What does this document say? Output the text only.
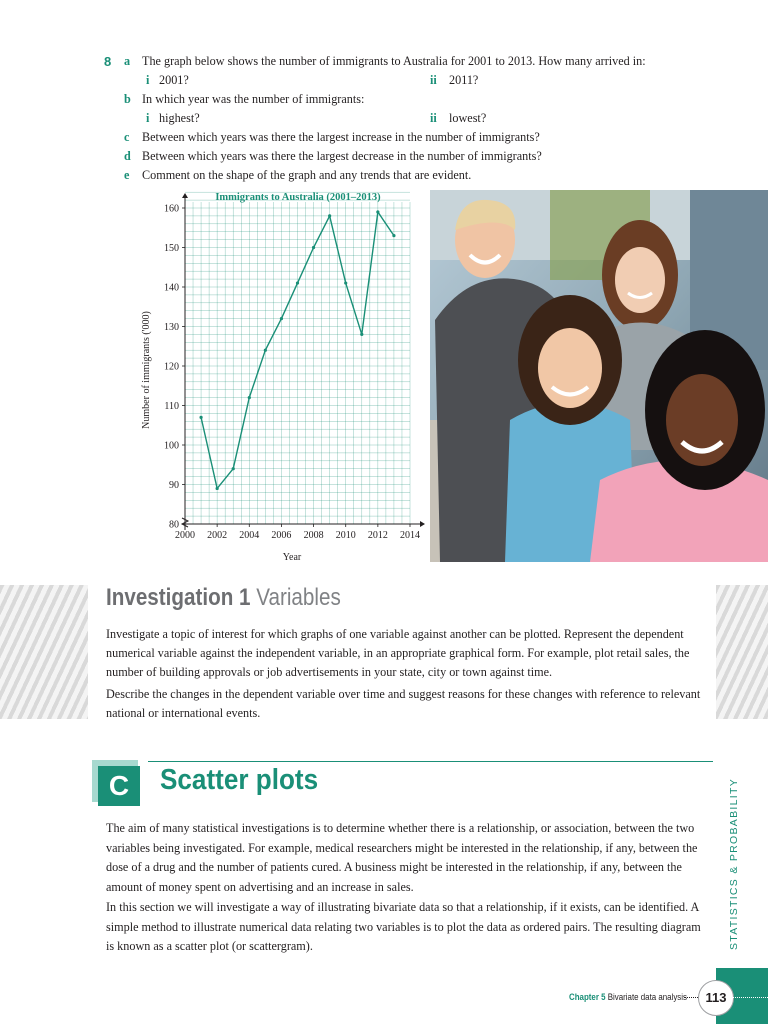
8 a The graph below shows the number of immigrants to Australia for 2001 to 2013. How many arrived in:
i 2001?	ii 2011?
b In which year was the number of immigrants:
i highest?	ii lowest?
c Between which years was there the largest increase in the number of immigrants?
d Between which years was there the largest decrease in the number of immigrants?
e Comment on the shape of the graph and any trends that are evident.
Immigrants to Australia (2001–2013)
2000 2002 2004 2006 2008 2010 2012 2014
80
90
100
110
120
130
140
150
160
Year
Number of immigrants ('000)
Investigation 1 Variables

Investigate a topic of interest for which graphs of one variable against another can be plotted. Represent the dependent numerical variable against the independent variable, in an appropriate graphical form. For example, plot retail sales, the number of building approvals or job advertisements in your state, city or town against time.

Describe the changes in the dependent variable over time and suggest reasons for these changes with reference to relevant national or international events.

C	Scatter plots

The aim of many statistical investigations is to determine whether there is a relationship, or association, between the two variables being investigated. For example, medical researchers might be interested in the relationship, if any, between the dose of a drug and the number of patients cured. A business might be interested in the relationship, if any, between the amount of money spent on advertising and an increase in sales.

In this section we will investigate a way of illustrating bivariate data so that a relationship, if it exists, can be identified. A simple method to illustrate numerical data relating two variables is to plot the data as ordered pairs. The resulting diagram is known as a scatter plot (or scattergram).	STATISTICS & PROBABILITY
Chapter 5 Bivariate data analysis	113
